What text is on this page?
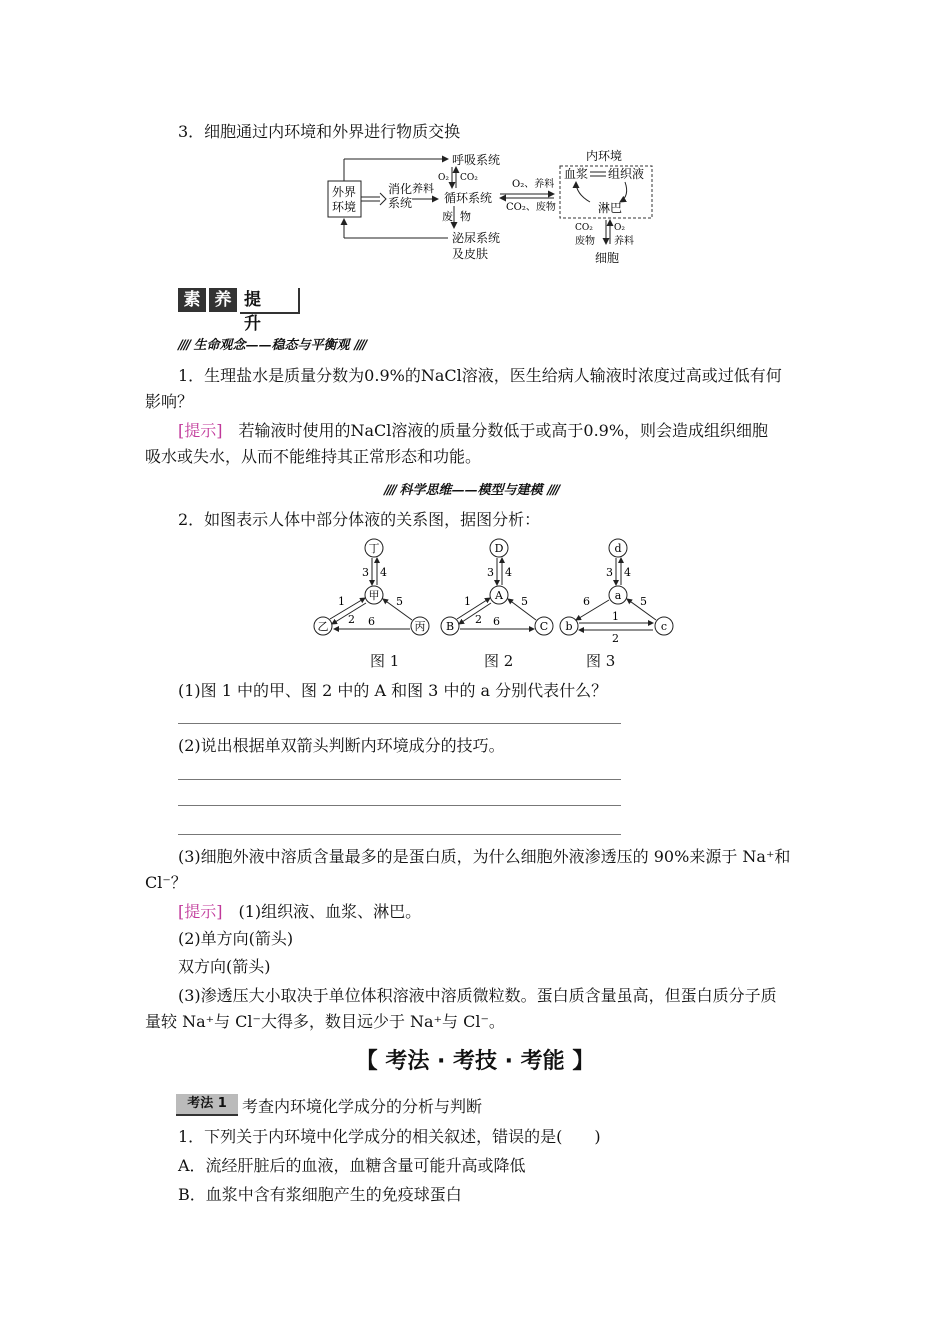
3．细胞通过内环境和外界进行物质交换
外界
环境
呼吸系统
消化
系统
养料
O₂ CO₂
循环系统
废 物
泌尿系统
及皮肤
O₂、养料
CO₂、废物
内环境
血浆 组织液
淋巴
CO₂
废物
O₂
养料
细胞
素 养 提升
//// 生命观念——稳态与平衡观 ////
1．生理盐水是质量分数为0.9%的NaCl溶液，医生给病人输液时浓度过高或过低有何
影响？
[提示]　若输液时使用的NaCl溶液的质量分数低于或高于0.9%，则会造成组织细胞
吸水或失水，从而不能维持其正常形态和功能。
//// 科学思维——模型与建模 ////
2．如图表示人体中部分体液的关系图，据图分析：
丁
甲
乙	丙
3 4
1
2
5
6
D
A
B	C
3 4
1
2
5
6
d
a
b	c
3 4
6	5
1
2
图 1	图 2	图 3
(1)图 1 中的甲、图 2 中的 A 和图 3 中的 a 分别代表什么？
(2)说出根据单双箭头判断内环境成分的技巧。
(3)细胞外液中溶质含量最多的是蛋白质，为什么细胞外液渗透压的 90%来源于 Na⁺和
Cl⁻？
[提示]　(1)组织液、血浆、淋巴。
(2)单方向(箭头)
双方向(箭头)
(3)渗透压大小取决于单位体积溶液中溶质微粒数。蛋白质含量虽高，但蛋白质分子质
量较 Na⁺与 Cl⁻大得多，数目远少于 Na⁺与 Cl⁻。
【 考法 · 考技 · 考能 】
考法 1 考查内环境化学成分的分析与判断
1．下列关于内环境中化学成分的相关叙述，错误的是(　　)
A．流经肝脏后的血液，血糖含量可能升高或降低
B．血浆中含有浆细胞产生的免疫球蛋白
